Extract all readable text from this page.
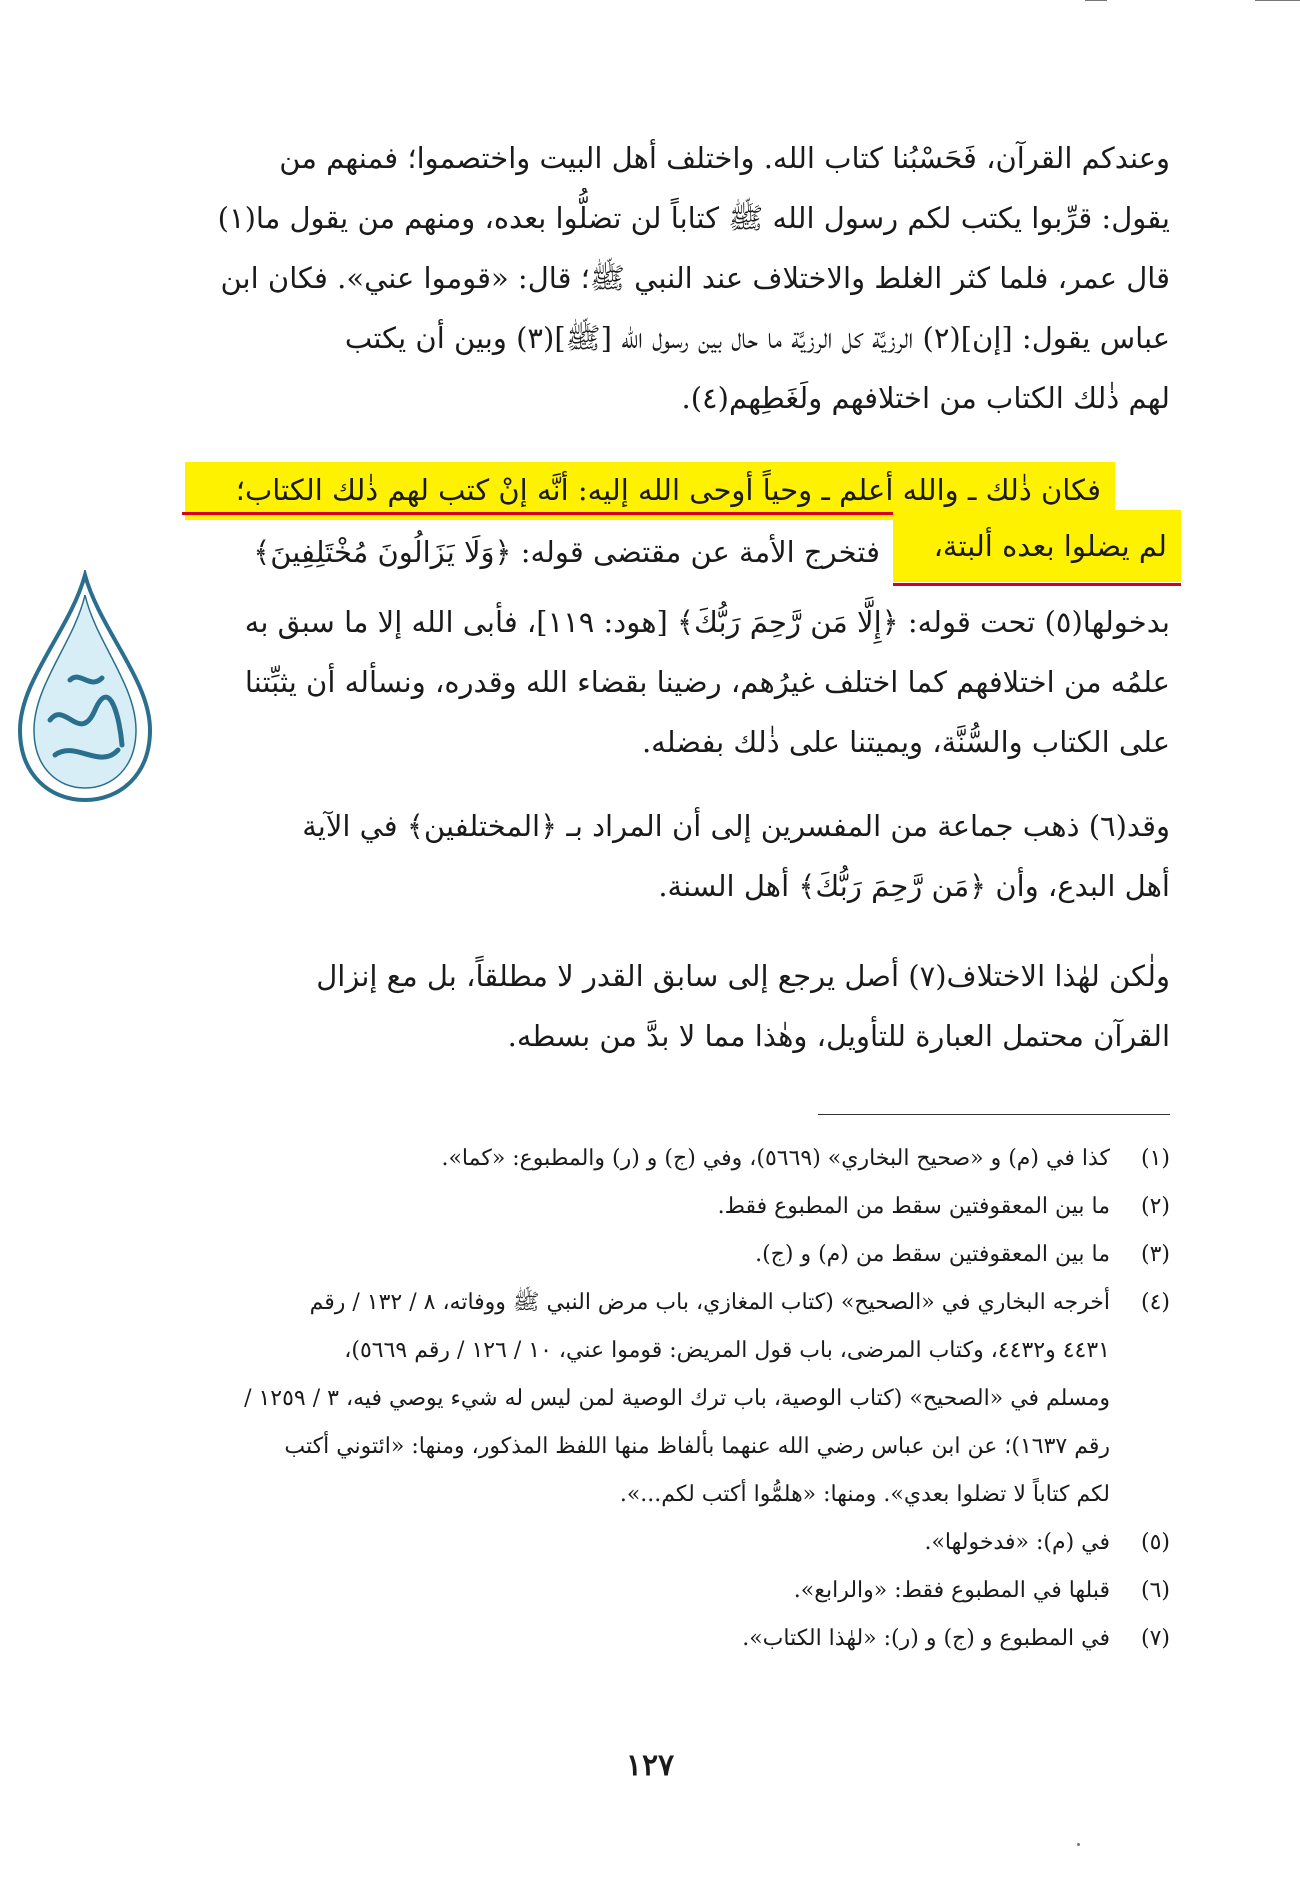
وعندكم القرآن، فَحَسْبُنا كتاب الله. واختلف أهل البيت واختصموا؛ فمنهم من
يقول: قرِّبوا يكتب لكم رسول الله ﷺ كتاباً لن تضلُّوا بعده، ومنهم من يقول ما(١)
قال عمر، فلما كثر الغلط والاختلاف عند النبي ﷺ؛ قال: «قوموا عني». فكان ابن
عباس يقول: [إن](٢) الرزيَّة كل الرزيَّة ما حال بين رسول الله [ﷺ](٣) وبين أن يكتب
لهم ذٰلك الكتاب من اختلافهم ولَغَطِهم(٤).
فكان ذٰلك ـ والله أعلم ـ وحياً أوحى الله إليه: أنَّه إنْ كتب لهم ذٰلك الكتاب؛
لم يضلوا بعده ألبتة،
فتخرج الأمة عن مقتضى قوله: ﴿وَلَا يَزَالُونَ مُخْتَلِفِينَ﴾
بدخولها(٥) تحت قوله: ﴿إِلَّا مَن رَّحِمَ رَبُّكَ﴾ [هود: ١١٩]، فأبى الله إلا ما سبق به
علمُه من اختلافهم كما اختلف غيرُهم، رضينا بقضاء الله وقدره، ونسأله أن يثبِّتنا
على الكتاب والسُّنَّة، ويميتنا على ذٰلك بفضله.
وقد(٦) ذهب جماعة من المفسرين إلى أن المراد بـ ﴿المختلفين﴾ في الآية
أهل البدع، وأن ﴿مَن رَّحِمَ رَبُّكَ﴾ أهل السنة.
ولٰكن لهٰذا الاختلاف(٧) أصل يرجع إلى سابق القدر لا مطلقاً، بل مع إنزال
القرآن محتمل العبارة للتأويل، وهٰذا مما لا بدَّ من بسطه.
(١)
كذا في (م) و «صحيح البخاري» (٥٦٦٩)، وفي (ج) و (ر) والمطبوع: «كما».
(٢)
ما بين المعقوفتين سقط من المطبوع فقط.
(٣)
ما بين المعقوفتين سقط من (م) و (ج).
(٤)
أخرجه البخاري في «الصحيح» (كتاب المغازي، باب مرض النبي ﷺ ووفاته، ٨ / ١٣٢ / رقم
٤٤٣١ و٤٤٣٢، وكتاب المرضى، باب قول المريض: قوموا عني، ١٠ / ١٢٦ / رقم ٥٦٦٩)،
ومسلم في «الصحيح» (كتاب الوصية، باب ترك الوصية لمن ليس له شيء يوصي فيه، ٣ / ١٢٥٩ /
رقم ١٦٣٧)؛ عن ابن عباس رضي الله عنهما بألفاظ منها اللفظ المذكور، ومنها: «ائتوني أكتب
لكم كتاباً لا تضلوا بعدي». ومنها: «هلمُّوا أكتب لكم...».
(٥)
في (م): «فدخولها».
(٦)
قبلها في المطبوع فقط: «والرابع».
(٧)
في المطبوع و (ج) و (ر): «لهٰذا الكتاب».
١٢٧
